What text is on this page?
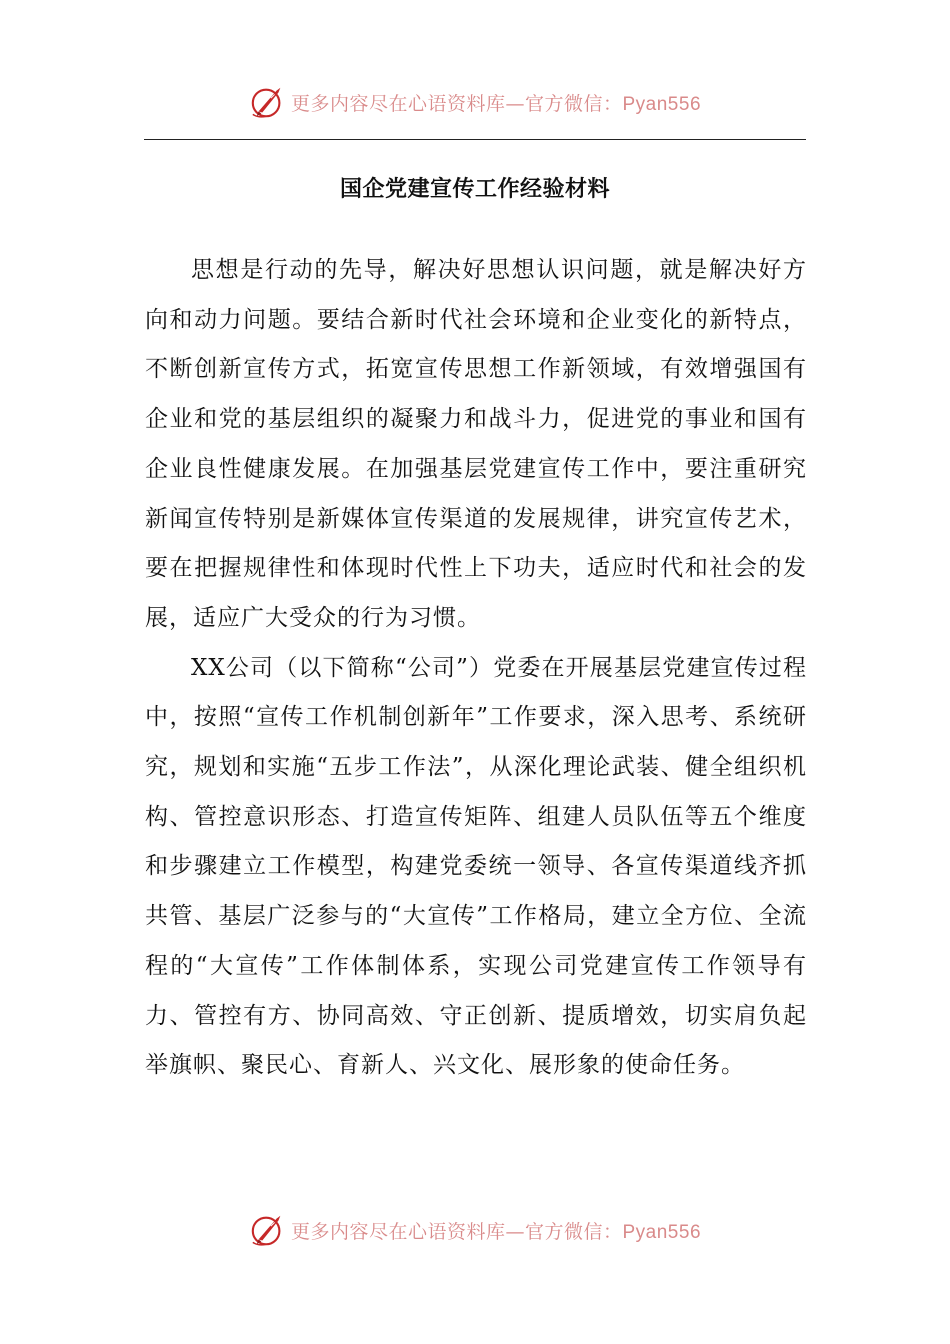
更多内容尽在心语资料库—官方微信：Pyan556
国企党建宣传工作经验材料

思想是行动的先导，解决好思想认识问题，就是解决好方向和动力问题。要结合新时代社会环境和企业变化的新特点，不断创新宣传方式，拓宽宣传思想工作新领域，有效增强国有企业和党的基层组织的凝聚力和战斗力，促进党的事业和国有企业良性健康发展。在加强基层党建宣传工作中，要注重研究新闻宣传特别是新媒体宣传渠道的发展规律，讲究宣传艺术，要在把握规律性和体现时代性上下功夫，适应时代和社会的发展，适应广大受众的行为习惯。

XX公司（以下简称“公司”）党委在开展基层党建宣传过程中，按照“宣传工作机制创新年”工作要求，深入思考、系统研究，规划和实施“五步工作法”，从深化理论武装、健全组织机构、管控意识形态、打造宣传矩阵、组建人员队伍等五个维度和步骤建立工作模型，构建党委统一领导、各宣传渠道线齐抓共管、基层广泛参与的“大宣传”工作格局，建立全方位、全流程的“大宣传”工作体制体系，实现公司党建宣传工作领导有力、管控有方、协同高效、守正创新、提质增效，切实肩负起举旗帜、聚民心、育新人、兴文化、展形象的使命任务。

更多内容尽在心语资料库—官方微信：Pyan556
